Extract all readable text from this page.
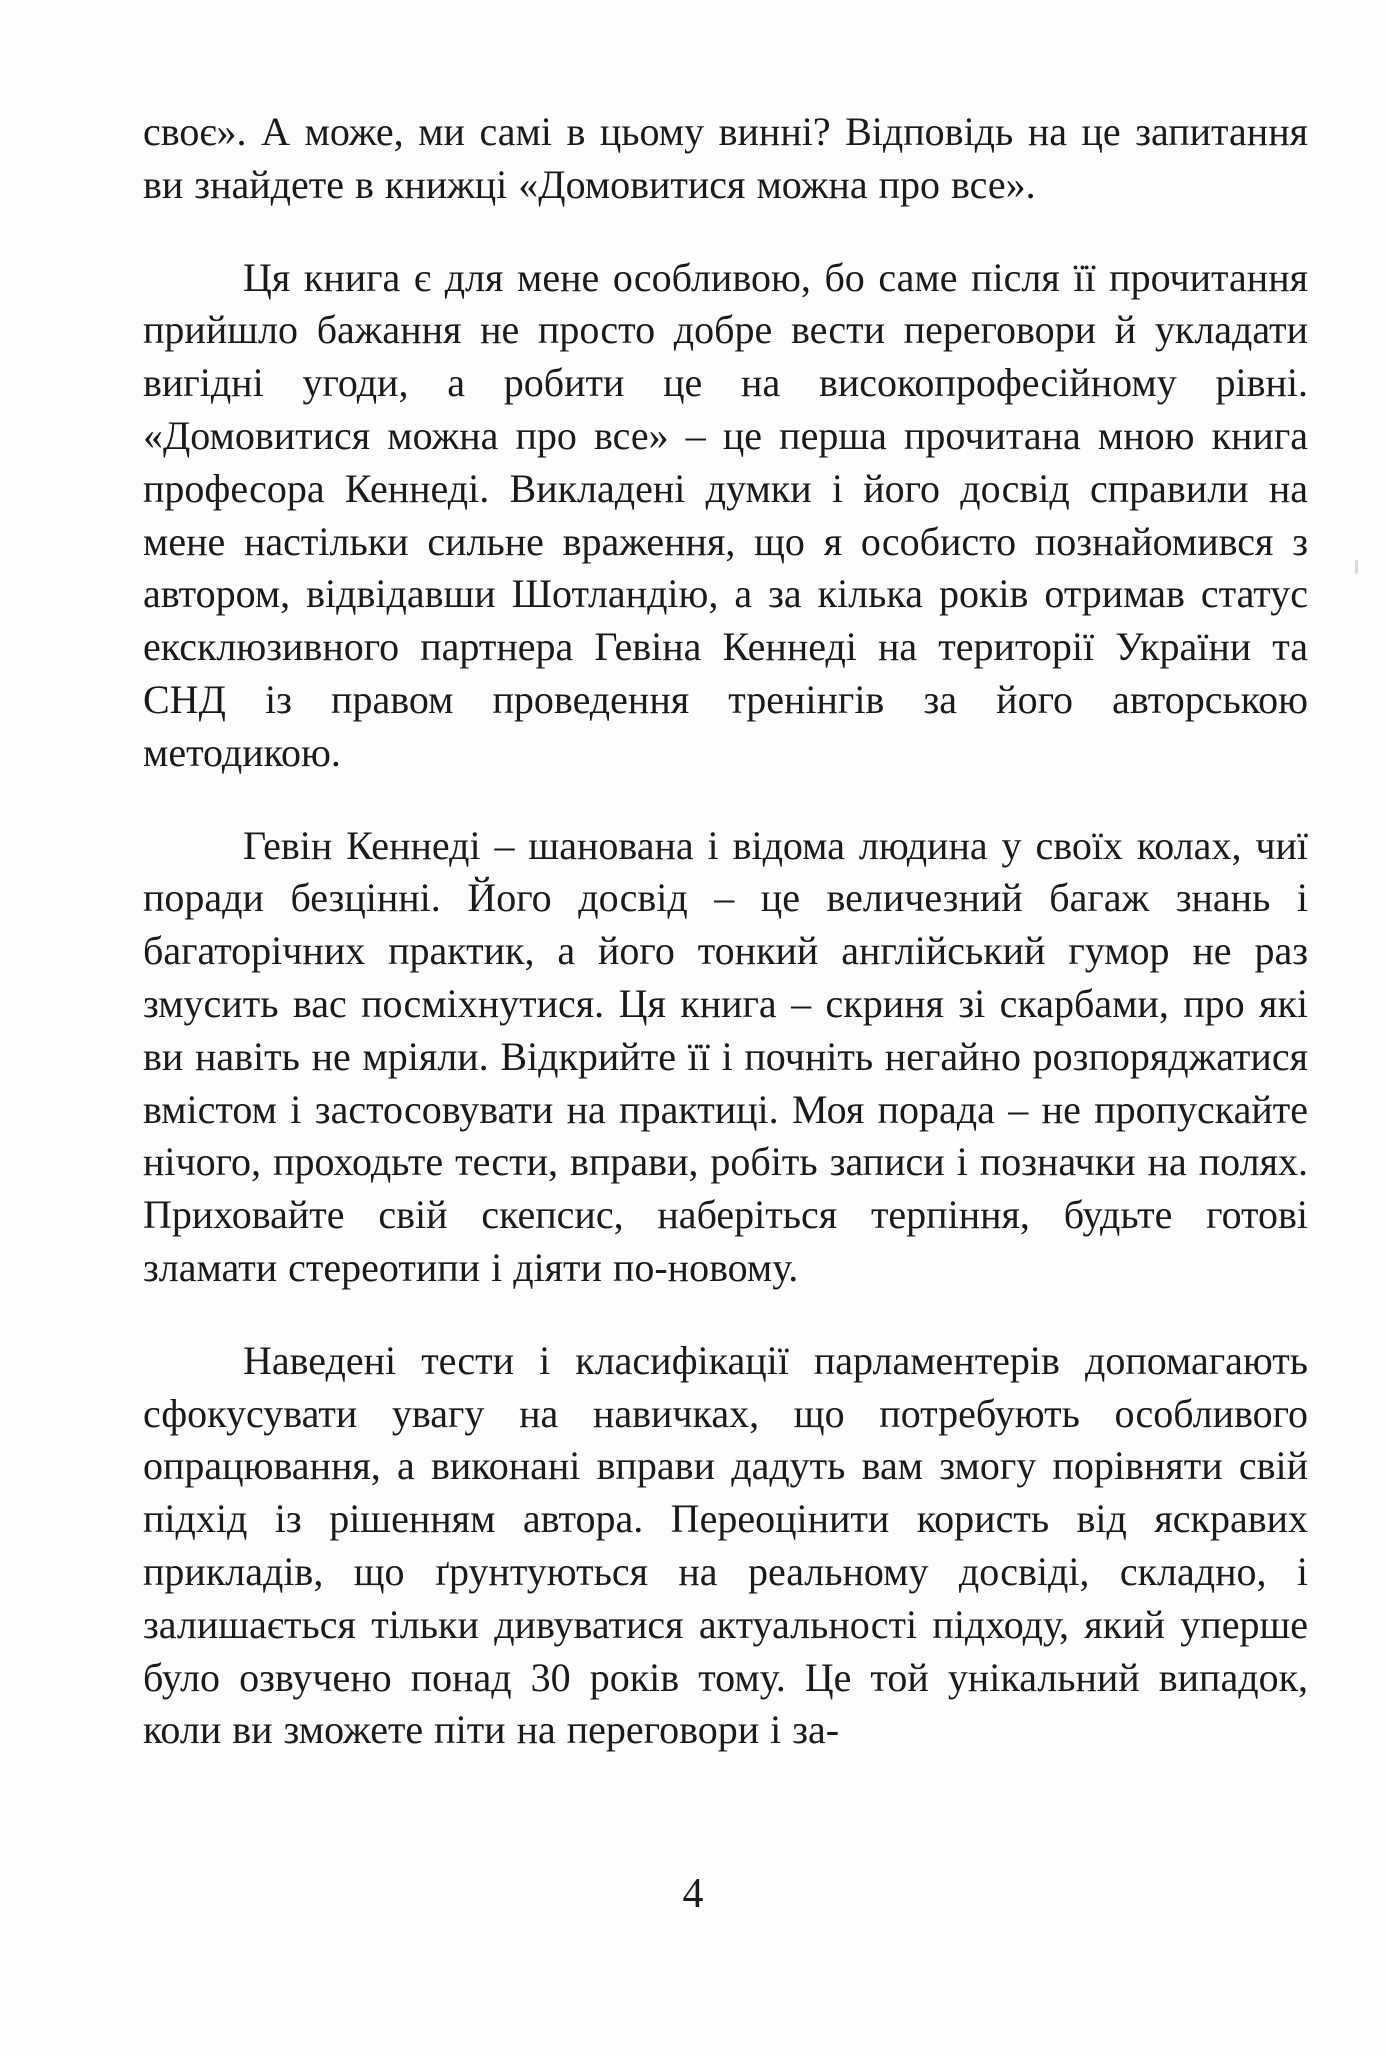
своє». А може, ми самі в цьому винні? Відповідь на це запитання ви знайдете в книжці «Домовитися можна про все».

Ця книга є для мене особливою, бо саме після її прочитання прийшло бажання не просто добре вести переговори й укладати вигідні угоди, а робити це на високопрофесійному рівні. «Домовитися можна про все» – це перша прочитана мною книга професора Кеннеді. Викладені думки і його досвід справили на мене настільки сильне враження, що я особисто познайомився з автором, відвідавши Шотландію, а за кілька років отримав статус ексклюзивного партнера Гевіна Кеннеді на території України та СНД із правом проведення тренінгів за його авторською методикою.

Гевін Кеннеді – шанована і відома людина у своїх колах, чиї поради безцінні. Його досвід – це величезний багаж знань і багаторічних практик, а його тонкий англійський гумор не раз змусить вас посміхнутися. Ця книга – скриня зі скарбами, про які ви навіть не мріяли. Відкрийте її і почніть негайно розпоряджатися вмістом і застосовувати на практиці. Моя порада – не пропускайте нічого, проходьте тести, вправи, робіть записи і позначки на полях. Приховайте свій скепсис, наберіться терпіння, будьте готові зламати стереотипи і діяти по-новому.

Наведені тести і класифікації парламентерів допомагають сфокусувати увагу на навичках, що потребують особливого опрацювання, а виконані вправи дадуть вам змогу порівняти свій підхід із рішенням автора. Переоцінити користь від яскравих прикладів, що ґрунтуються на реальному досвіді, складно, і залишається тільки дивуватися актуальності підходу, який уперше було озвучено понад 30 років тому. Це той унікальний випадок, коли ви зможете піти на переговори і за-

4
